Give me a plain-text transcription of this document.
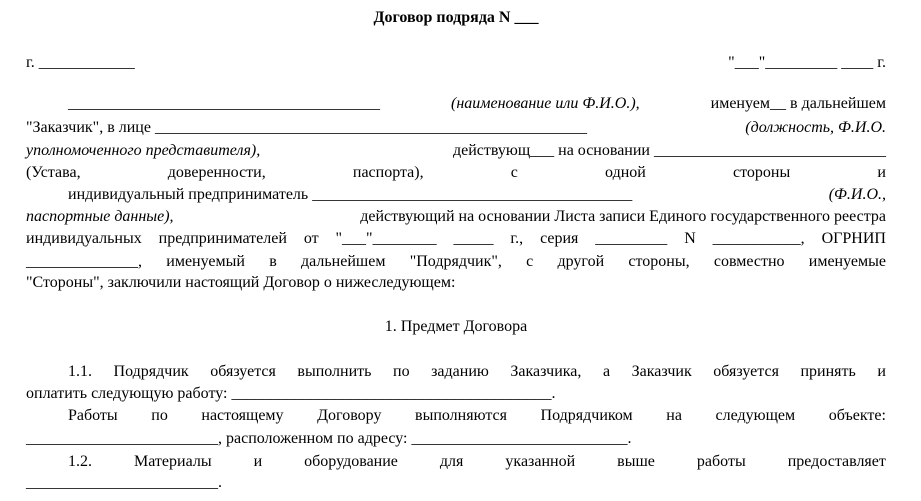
Договор подряда N ___
г. ____________	"___"_________ ____ г.
_______________________________________	(наименование или Ф.И.О.),	именуем__ в дальнейшем
"Заказчик", в лице ______________________________________________________	(должность, Ф.И.О.
уполномоченного представителя),	действующ___ на основании _____________________________
(Устава,	доверенности,	паспорта),	с	одной	стороны	и
индивидуальный предприниматель ________________________________________	(Ф.И.О.,
паспортные данные),	действующий на основании Листа записи Единого государственного реестра
индивидуальных предпринимателей от "___"________ _____ г., серия _________ N ___________, ОГРНИП
______________, именуемый в дальнейшем "Подрядчик", с другой стороны, совместно именуемые
"Стороны", заключили настоящий Договор о нижеследующем:
1. Предмет Договора
1.1. Подрядчик обязуется выполнить по заданию Заказчика, а Заказчик обязуется принять и
оплатить следующую работу: ________________________________________.
Работы по настоящему Договору выполняются Подрядчиком на следующем объекте:
________________________, расположенном по адресу: ___________________________.
1.2.	Материалы	и	оборудование	для	указанной	выше	работы	предоставляет
________________________.
